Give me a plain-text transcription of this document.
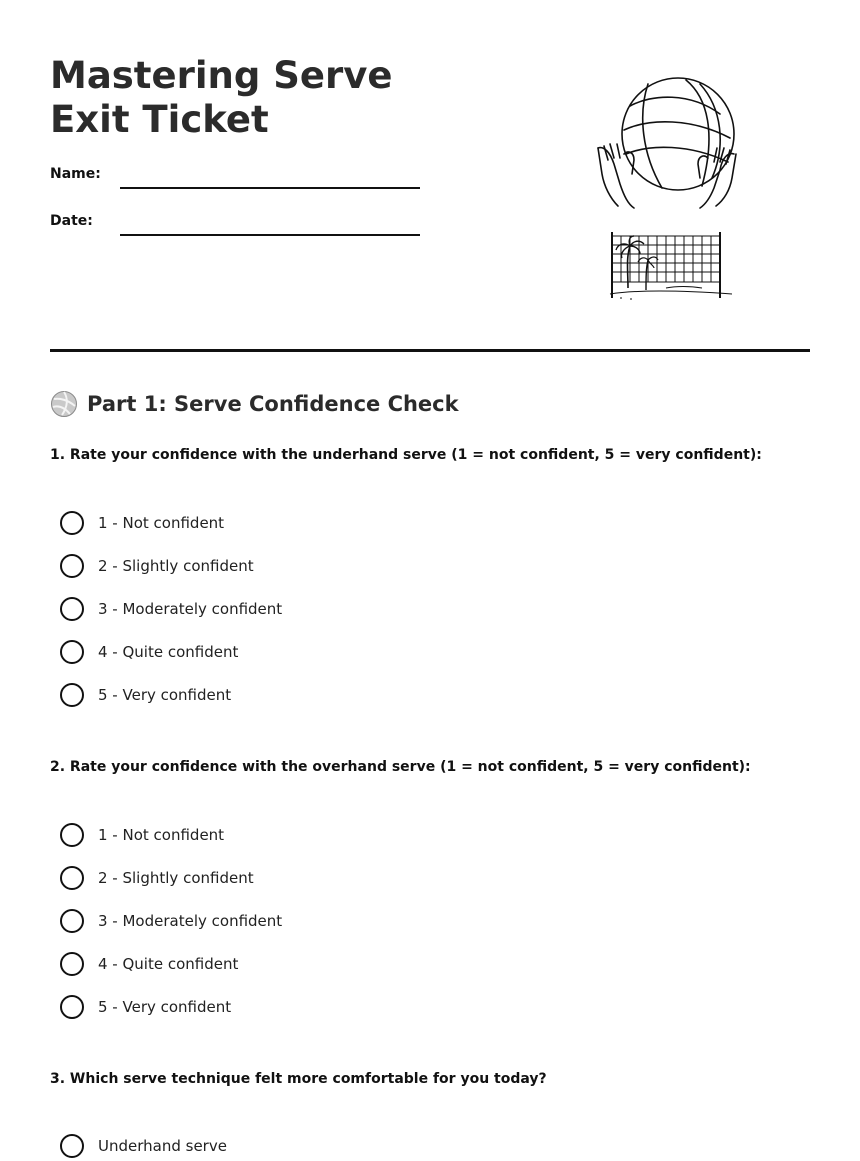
Mastering Serve Exit Ticket
Name:
Date:
Part 1: Serve Confidence Check
1. Rate your confidence with the underhand serve (1 = not confident, 5 = very confident):
1 - Not confident
2 - Slightly confident
3 - Moderately confident
4 - Quite confident
5 - Very confident
2. Rate your confidence with the overhand serve (1 = not confident, 5 = very confident):
1 - Not confident
2 - Slightly confident
3 - Moderately confident
4 - Quite confident
5 - Very confident
3. Which serve technique felt more comfortable for you today?
Underhand serve
